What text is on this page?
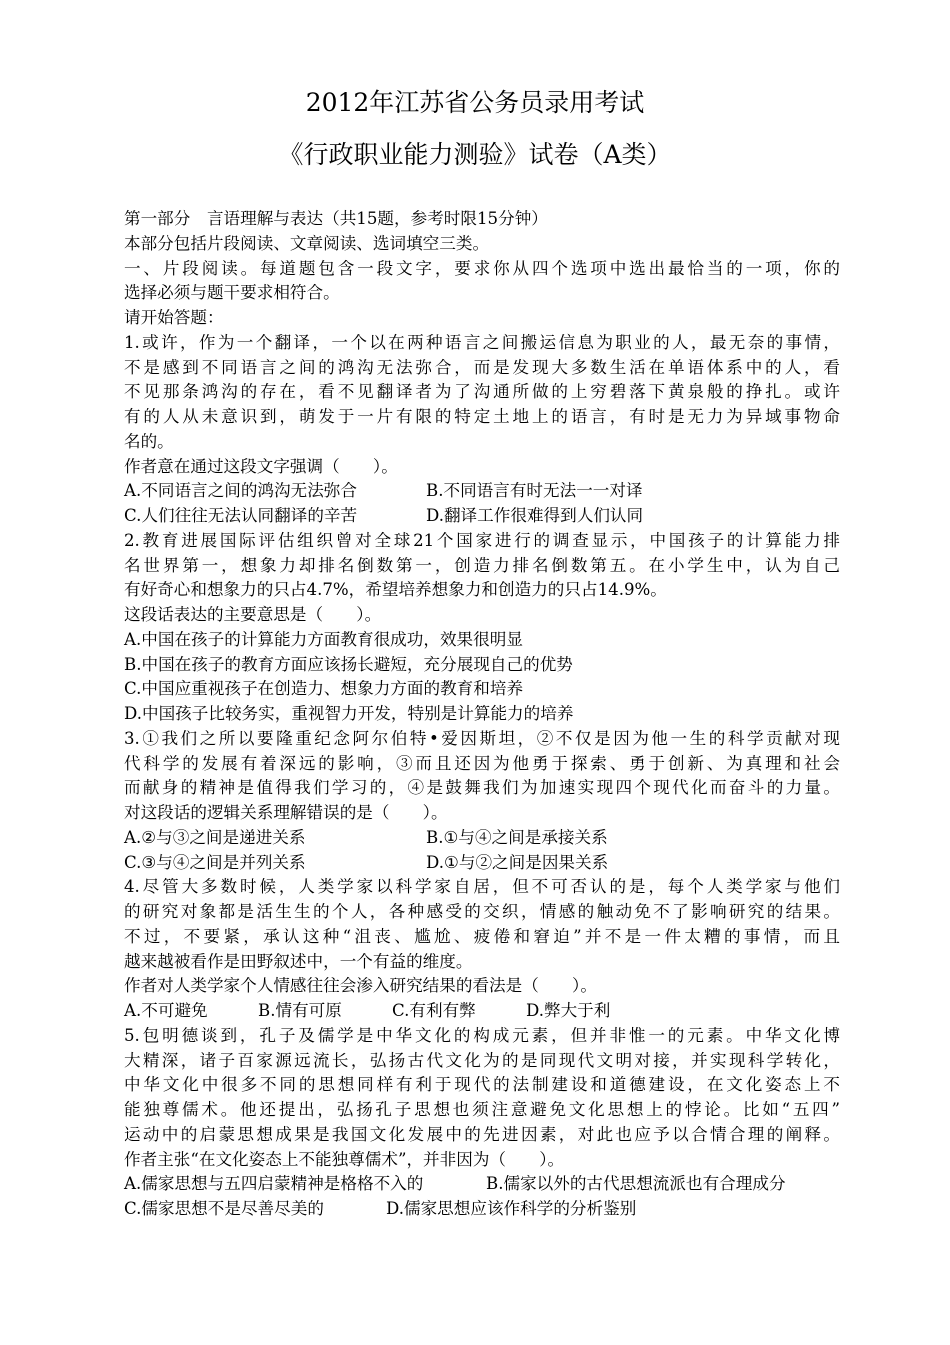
2012年江苏省公务员录用考试
《行政职业能力测验》试卷（A类）
第一部分　言语理解与表达（共15题，参考时限15分钟）
本部分包括片段阅读、文章阅读、选词填空三类。
一、片段阅读。每道题包含一段文字，要求你从四个选项中选出最恰当的一项，你的
选择必须与题干要求相符合。
请开始答题：
1.或许，作为一个翻译，一个以在两种语言之间搬运信息为职业的人，最无奈的事情，
不是感到不同语言之间的鸿沟无法弥合，而是发现大多数生活在单语体系中的人，看
不见那条鸿沟的存在，看不见翻译者为了沟通所做的上穷碧落下黄泉般的挣扎。或许
有的人从未意识到，萌发于一片有限的特定土地上的语言，有时是无力为异域事物命
名的。
作者意在通过这段文字强调（　　）。
A.不同语言之间的鸿沟无法弥合	B.不同语言有时无法一一对译
C.人们往往无法认同翻译的辛苦	D.翻译工作很难得到人们认同
2.教育进展国际评估组织曾对全球21个国家进行的调查显示，中国孩子的计算能力排
名世界第一，想象力却排名倒数第一，创造力排名倒数第五。在小学生中，认为自己
有好奇心和想象力的只占4.7%，希望培养想象力和创造力的只占14.9%。
这段话表达的主要意思是（　　）。
A.中国在孩子的计算能力方面教育很成功，效果很明显
B.中国在孩子的教育方面应该扬长避短，充分展现自己的优势
C.中国应重视孩子在创造力、想象力方面的教育和培养
D.中国孩子比较务实，重视智力开发，特别是计算能力的培养
3.①我们之所以要隆重纪念阿尔伯特•爱因斯坦，②不仅是因为他一生的科学贡献对现
代科学的发展有着深远的影响，③而且还因为他勇于探索、勇于创新、为真理和社会
而献身的精神是值得我们学习的，④是鼓舞我们为加速实现四个现代化而奋斗的力量。
对这段话的逻辑关系理解错误的是（　　）。
A.②与③之间是递进关系	B.①与④之间是承接关系
C.③与④之间是并列关系	D.①与②之间是因果关系
4.尽管大多数时候，人类学家以科学家自居，但不可否认的是，每个人类学家与他们
的研究对象都是活生生的个人，各种感受的交织，情感的触动免不了影响研究的结果。
不过，不要紧，承认这种“沮丧、尴尬、疲倦和窘迫”并不是一件太糟的事情，而且
越来越被看作是田野叙述中，一个有益的维度。
作者对人类学家个人情感往往会渗入研究结果的看法是（　　）。
A.不可避免	B.情有可原	C.有利有弊	D.弊大于利
5.包明德谈到，孔子及儒学是中华文化的构成元素，但并非惟一的元素。中华文化博
大精深，诸子百家源远流长，弘扬古代文化为的是同现代文明对接，并实现科学转化，
中华文化中很多不同的思想同样有利于现代的法制建设和道德建设，在文化姿态上不
能独尊儒术。他还提出，弘扬孔子思想也须注意避免文化思想上的悖论。比如“五四”
运动中的启蒙思想成果是我国文化发展中的先进因素，对此也应予以合情合理的阐释。
作者主张“在文化姿态上不能独尊儒术”，并非因为（　　）。
A.儒家思想与五四启蒙精神是格格不入的	B.儒家以外的古代思想流派也有合理成分
C.儒家思想不是尽善尽美的	D.儒家思想应该作科学的分析鉴别
